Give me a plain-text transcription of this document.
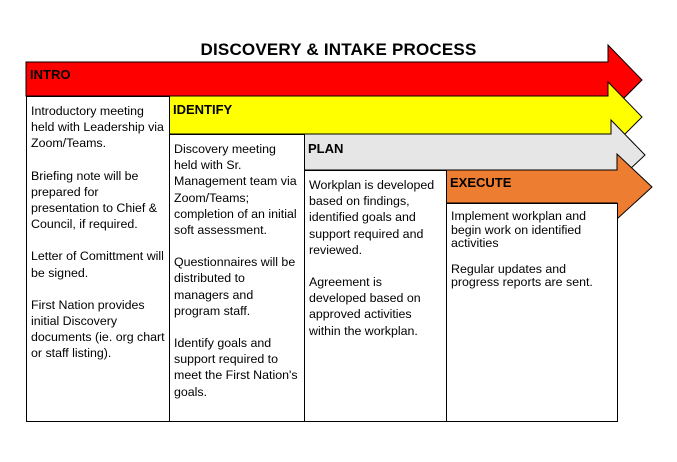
DISCOVERY & INTAKE PROCESS
INTRO
IDENTIFY
PLAN
EXECUTE

Introductory meeting held with Leadership via Zoom/Teams.

Briefing note will be prepared for presentation to Chief & Council, if required.

Letter of Comittment will be signed.

First Nation provides initial Discovery documents (ie. org chart or staff listing).

Discovery meeting held with Sr. Management team via Zoom/Teams; completion of an initial soft assessment.

Questionnaires will be distributed to managers and program staff.

Identify goals and support required to meet the First Nation's goals.

Workplan is developed based on findings, identified goals and support required and reviewed.

Agreement is developed based on approved activities within the workplan.

Implement workplan and begin work on identified activities

Regular updates and progress reports are sent.
